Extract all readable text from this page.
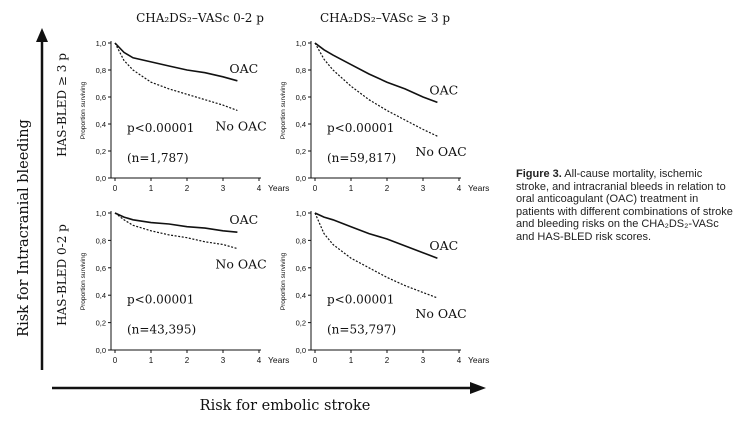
Risk for Intracranial bleeding
Risk for embolic stroke
CHA₂DS₂–VASc 0-2 p	CHA₂DS₂–VASc ≥ 3 p
HAS-BLED ≥ 3 p
HAS-BLED 0-2 p
0	1	2	3	4 Years
0,0
0,2
0,4
0,6
0,8
1,0
Proportion surviving
OAC
No OAC
p<0.00001
(n=1,787)
0	1	2	3	4 Years
0,0
0,2
0,4
0,6
0,8
1,0
Proportion surviving	OAC
No OAC
p<0.00001
(n=59,817)
0	1	2	3	4 Years
0,0
0,2
0,4
0,6
0,8
1,0
Proportion surviving
OAC
No OAC
p<0.00001
(n=43,395)
0	1	2	3	4 Years
0,0
0,2
0,4
0,6
0,8
1,0
Proportion surviving
OAC
No OAC
p<0.00001
(n=53,797)
Figure 3. All-cause mortality, ischemic stroke, and intracranial bleeds in relation to oral anticoagulant (OAC) treatment in patients with different combinations of stroke and bleeding risks on the CHA₂DS₂-VASc and HAS-BLED risk scores.
